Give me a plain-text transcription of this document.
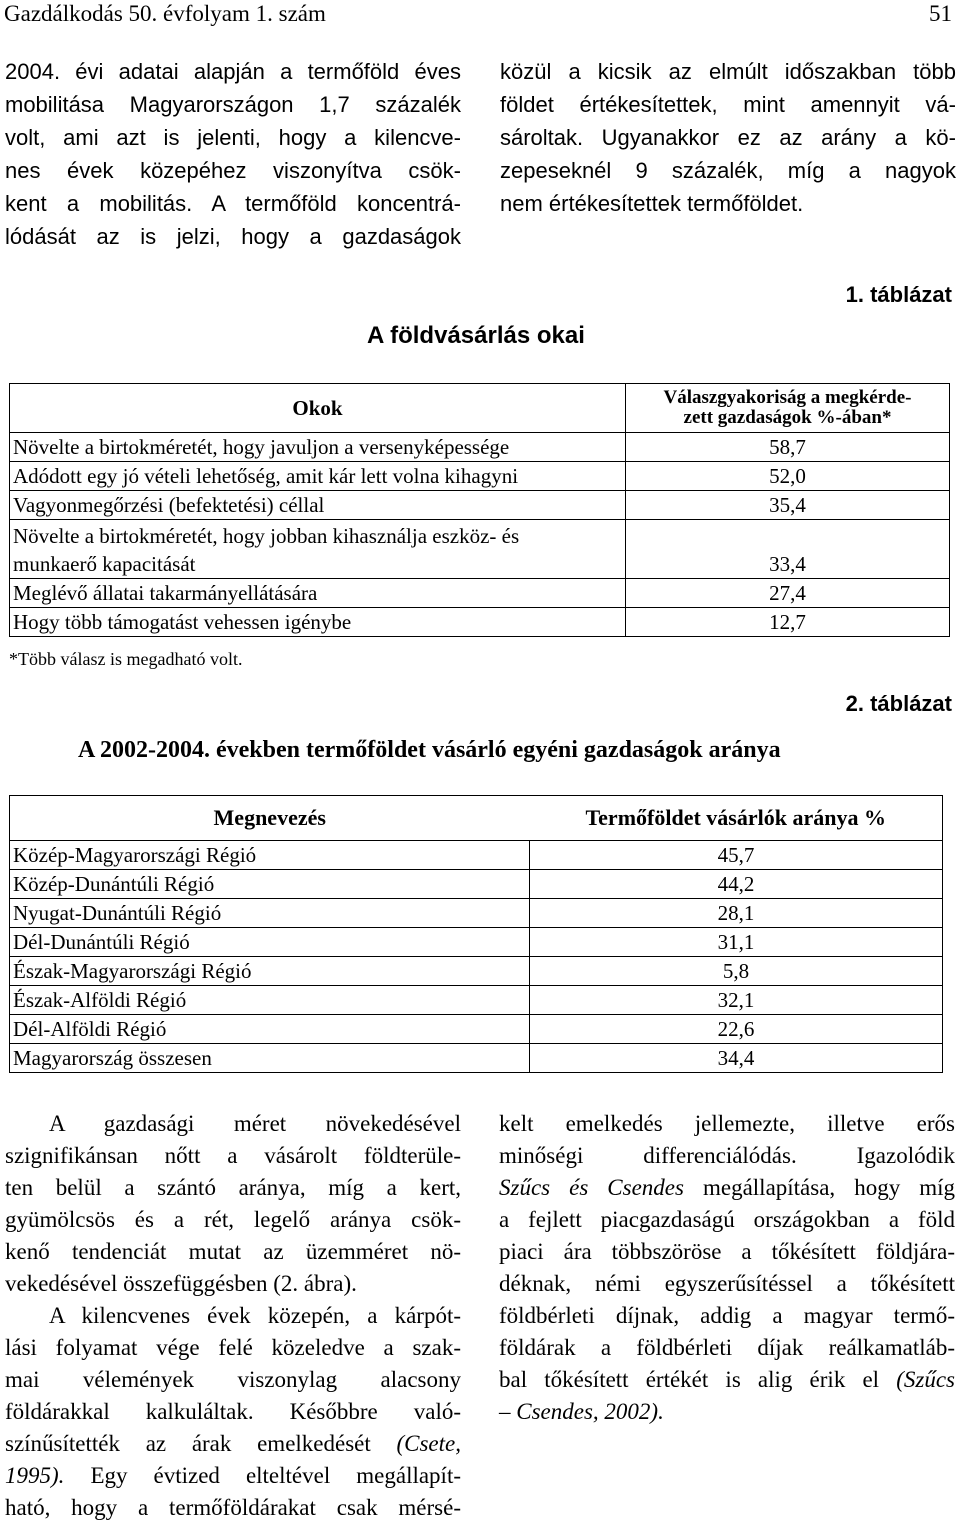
Gazdálkodás 50. évfolyam 1. szám	51
2004. évi adatai alapján a termőföld éves
mobilitása Magyarországon 1,7 százalék
volt, ami azt is jelenti, hogy a kilencve-
nes évek közepéhez viszonyítva csök-
kent a mobilitás. A termőföld koncentrá-
lódását az is jelzi, hogy a gazdaságok
közül a kicsik az elmúlt időszakban több
földet értékesítettek, mint amennyit vá-
sároltak. Ugyanakkor ez az arány a kö-
zepeseknél 9 százalék, míg a nagyok
nem értékesítettek termőföldet.
1. táblázat
A földvásárlás okai
Okok	Válaszgyakoriság a megkérde-
zett gazdaságok %-ában*

Növelte a birtokméretét, hogy javuljon a versenyképessége	58,7
Adódott egy jó vételi lehetőség, amit kár lett volna kihagyni	52,0
Vagyonmegőrzési (befektetési) céllal	35,4

Növelte a birtokméretét, hogy jobban kihasználja eszköz- és
munkaerő kapacitását	33,4
Meglévő állatai takarmányellátására	27,4
Hogy több támogatást vehessen igénybe	12,7
*Több válasz is megadható volt.
2. táblázat
A 2002-2004. években termőföldet vásárló egyéni gazdaságok aránya
Megnevezés	Termőföldet vásárlók aránya %
Közép-Magyarországi Régió	45,7
Közép-Dunántúli Régió	44,2
Nyugat-Dunántúli Régió	28,1
Dél-Dunántúli Régió	31,1
Észak-Magyarországi Régió	5,8
Észak-Alföldi Régió	32,1
Dél-Alföldi Régió	22,6
Magyarország összesen	34,4
A gazdasági méret növekedésével
szignifikánsan nőtt a vásárolt földterüle-
ten belül a szántó aránya, míg a kert,
gyümölcsös és a rét, legelő aránya csök-
kenő tendenciát mutat az üzemméret nö-
vekedésével összefüggésben (2. ábra).
A kilencvenes évek közepén, a kárpót-
lási folyamat vége felé közeledve a szak-
mai vélemények viszonylag alacsony
földárakkal kalkuláltak. Későbbre való-
színűsítették az árak emelkedését (Csete,
1995). Egy évtized elteltével megállapít-
ható, hogy a termőföldárakat csak mérsé-
kelt emelkedés jellemezte, illetve erős
minőségi differenciálódás. Igazolódik
Szűcs és Csendes megállapítása, hogy míg
a fejlett piacgazdaságú országokban a föld
piaci ára többszöröse a tőkésített földjára-
déknak, némi egyszerűsítéssel a tőkésített
földbérleti díjnak, addig a magyar termő-
földárak a földbérleti díjak reálkamatláb-
bal tőkésített értékét is alig érik el (Szűcs
– Csendes, 2002).
